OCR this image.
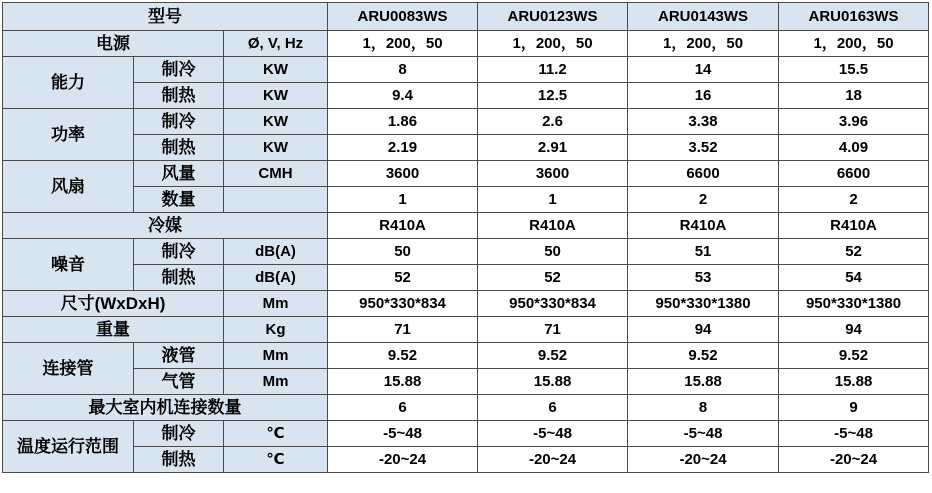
型号			ARU0083WS	ARU0123WS	ARU0143WS	ARU0163WS
电源		Ø, V, Hz	1，200，50	1，200，50	1，200，50	1，200，50
能力	制冷	KW	8	11.2	14	15.5
	制热	KW	9.4	12.5	16	18
功率	制冷	KW	1.86	2.6	3.38	3.96
	制热	KW	2.19	2.91	3.52	4.09
风扇	风量	CMH	3600	3600	6600	6600
	数量		1	1	2	2
冷媒			R410A	R410A	R410A	R410A
噪音	制冷	dB(A)	50	50	51	52
	制热	dB(A)	52	52	53	54
尺寸(WxDxH)		Mm	950*330*834	950*330*834	950*330*1380	950*330*1380
重量		Kg	71	71	94	94
连接管	液管	Mm	9.52	9.52	9.52	9.52
	气管	Mm	15.88	15.88	15.88	15.88
最大室内机连接数量			6	6	8	9
温度运行范围	制冷	℃	-5~48	-5~48	-5~48	-5~48
	制热	℃	-20~24	-20~24	-20~24	-20~24
